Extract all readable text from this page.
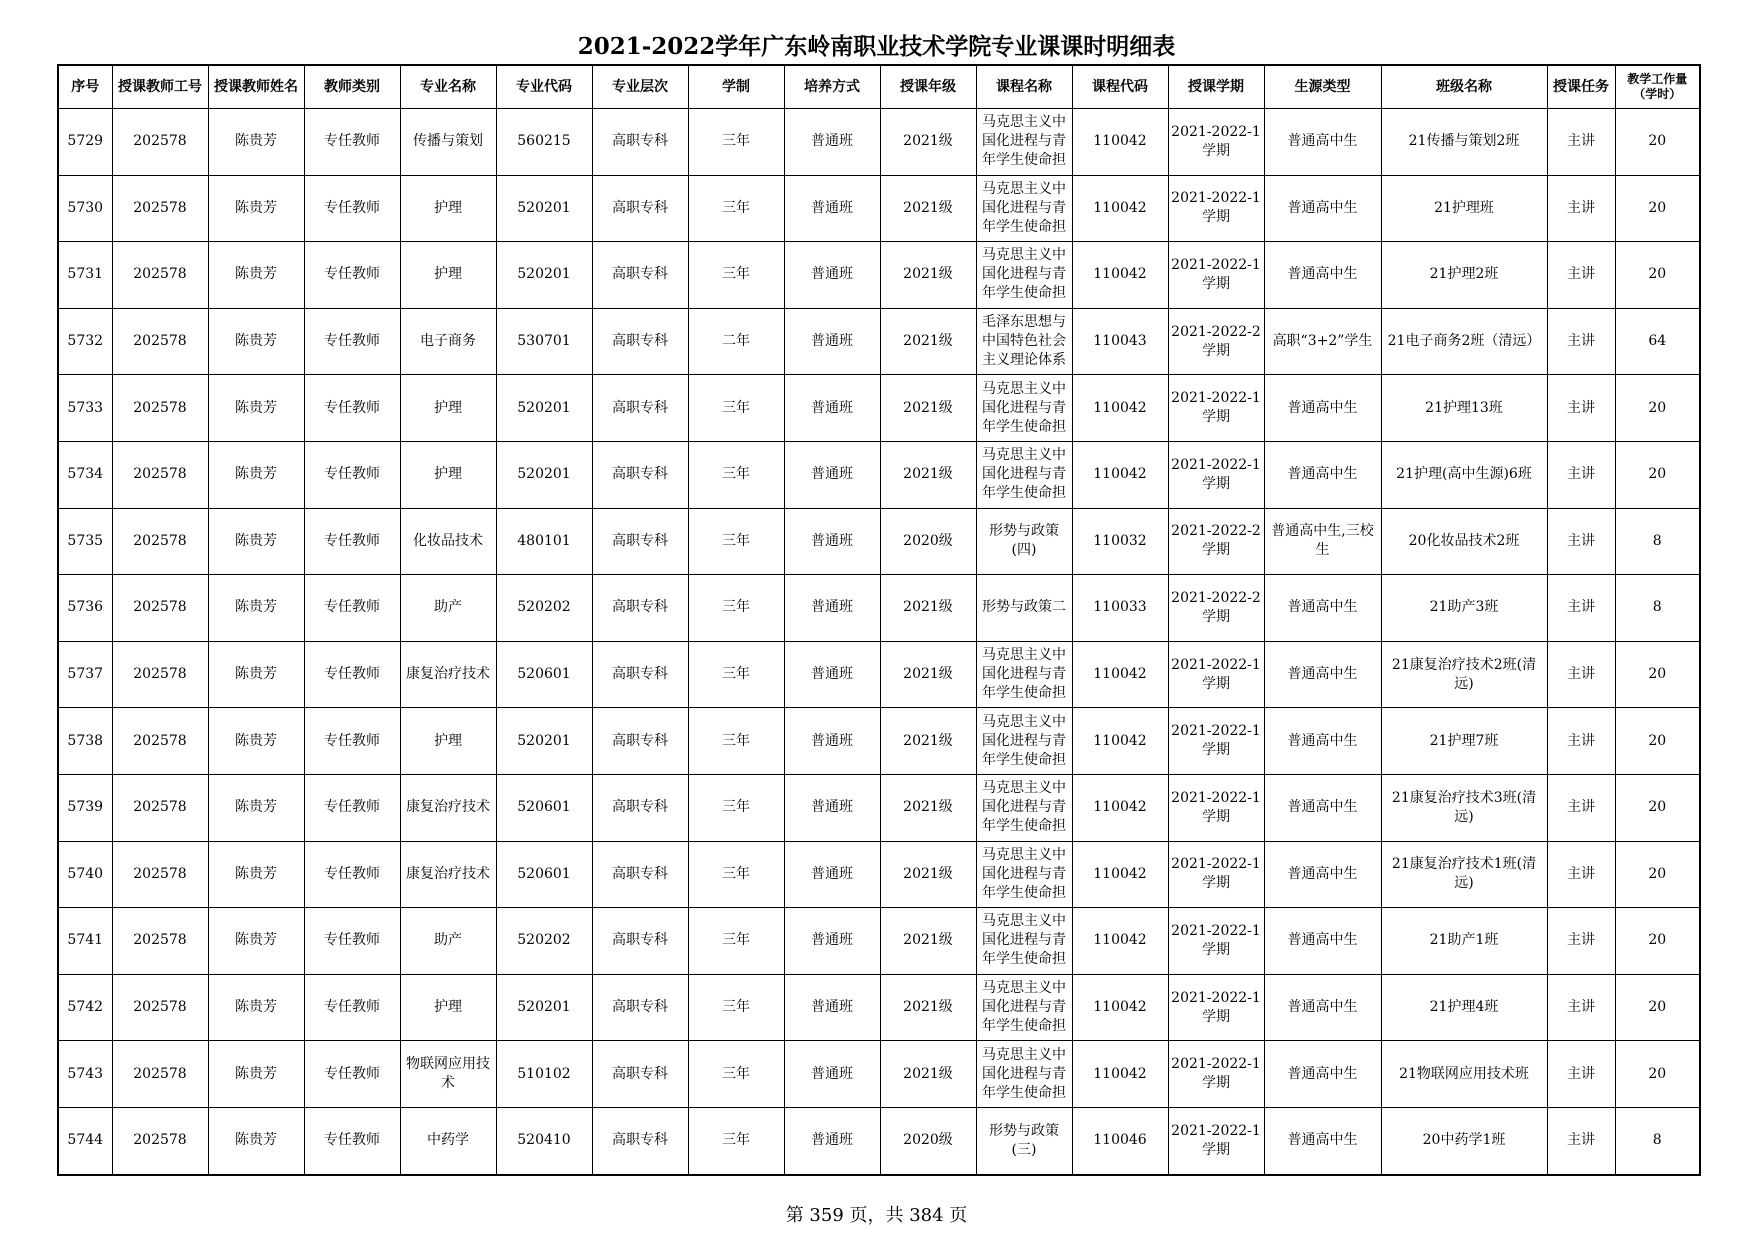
2021-2022学年广东岭南职业技术学院专业课课时明细表
序号	授课教师工号	授课教师姓名	教师类别	专业名称	专业代码	专业层次	学制	培养方式	授课年级	课程名称	课程代码	授课学期	生源类型	班级名称	授课任务	教学工作量（学时）

5729	202578	陈贵芳	专任教师	传播与策划	560215	高职专科	三年	普通班	2021级	马克思主义中国化进程与青年学生使命担	110042	2021-2022-1学期	普通高中生	21传播与策划2班	主讲	20

5730	202578	陈贵芳	专任教师	护理	520201	高职专科	三年	普通班	2021级	马克思主义中国化进程与青年学生使命担	110042	2021-2022-1学期	普通高中生	21护理班	主讲	20

5731	202578	陈贵芳	专任教师	护理	520201	高职专科	三年	普通班	2021级	马克思主义中国化进程与青年学生使命担	110042	2021-2022-1学期	普通高中生	21护理2班	主讲	20

5732	202578	陈贵芳	专任教师	电子商务	530701	高职专科	二年	普通班	2021级	毛泽东思想与中国特色社会主义理论体系	110043	2021-2022-2学期	高职“3+2”学生	21电子商务2班（清远）	主讲	64

5733	202578	陈贵芳	专任教师	护理	520201	高职专科	三年	普通班	2021级	马克思主义中国化进程与青年学生使命担	110042	2021-2022-1学期	普通高中生	21护理13班	主讲	20

5734	202578	陈贵芳	专任教师	护理	520201	高职专科	三年	普通班	2021级	马克思主义中国化进程与青年学生使命担	110042	2021-2022-1学期	普通高中生	21护理(高中生源)6班	主讲	20

5735	202578	陈贵芳	专任教师	化妆品技术	480101	高职专科	三年	普通班	2020级	形势与政策(四)	110032	2021-2022-2学期	普通高中生,三校生	20化妆品技术2班	主讲	8

5736	202578	陈贵芳	专任教师	助产	520202	高职专科	三年	普通班	2021级	形势与政策二	110033	2021-2022-2学期	普通高中生	21助产3班	主讲	8

5737	202578	陈贵芳	专任教师	康复治疗技术	520601	高职专科	三年	普通班	2021级	马克思主义中国化进程与青年学生使命担	110042	2021-2022-1学期	普通高中生	21康复治疗技术2班(清远)	主讲	20

5738	202578	陈贵芳	专任教师	护理	520201	高职专科	三年	普通班	2021级	马克思主义中国化进程与青年学生使命担	110042	2021-2022-1学期	普通高中生	21护理7班	主讲	20

5739	202578	陈贵芳	专任教师	康复治疗技术	520601	高职专科	三年	普通班	2021级	马克思主义中国化进程与青年学生使命担	110042	2021-2022-1学期	普通高中生	21康复治疗技术3班(清远)	主讲	20

5740	202578	陈贵芳	专任教师	康复治疗技术	520601	高职专科	三年	普通班	2021级	马克思主义中国化进程与青年学生使命担	110042	2021-2022-1学期	普通高中生	21康复治疗技术1班(清远)	主讲	20

5741	202578	陈贵芳	专任教师	助产	520202	高职专科	三年	普通班	2021级	马克思主义中国化进程与青年学生使命担	110042	2021-2022-1学期	普通高中生	21助产1班	主讲	20

5742	202578	陈贵芳	专任教师	护理	520201	高职专科	三年	普通班	2021级	马克思主义中国化进程与青年学生使命担	110042	2021-2022-1学期	普通高中生	21护理4班	主讲	20

5743	202578	陈贵芳	专任教师	物联网应用技术	510102	高职专科	三年	普通班	2021级	马克思主义中国化进程与青年学生使命担	110042	2021-2022-1学期	普通高中生	21物联网应用技术班	主讲	20

5744	202578	陈贵芳	专任教师	中药学	520410	高职专科	三年	普通班	2020级	形势与政策(三)	110046	2021-2022-1学期	普通高中生	20中药学1班	主讲	8
第 359 页，共 384 页
